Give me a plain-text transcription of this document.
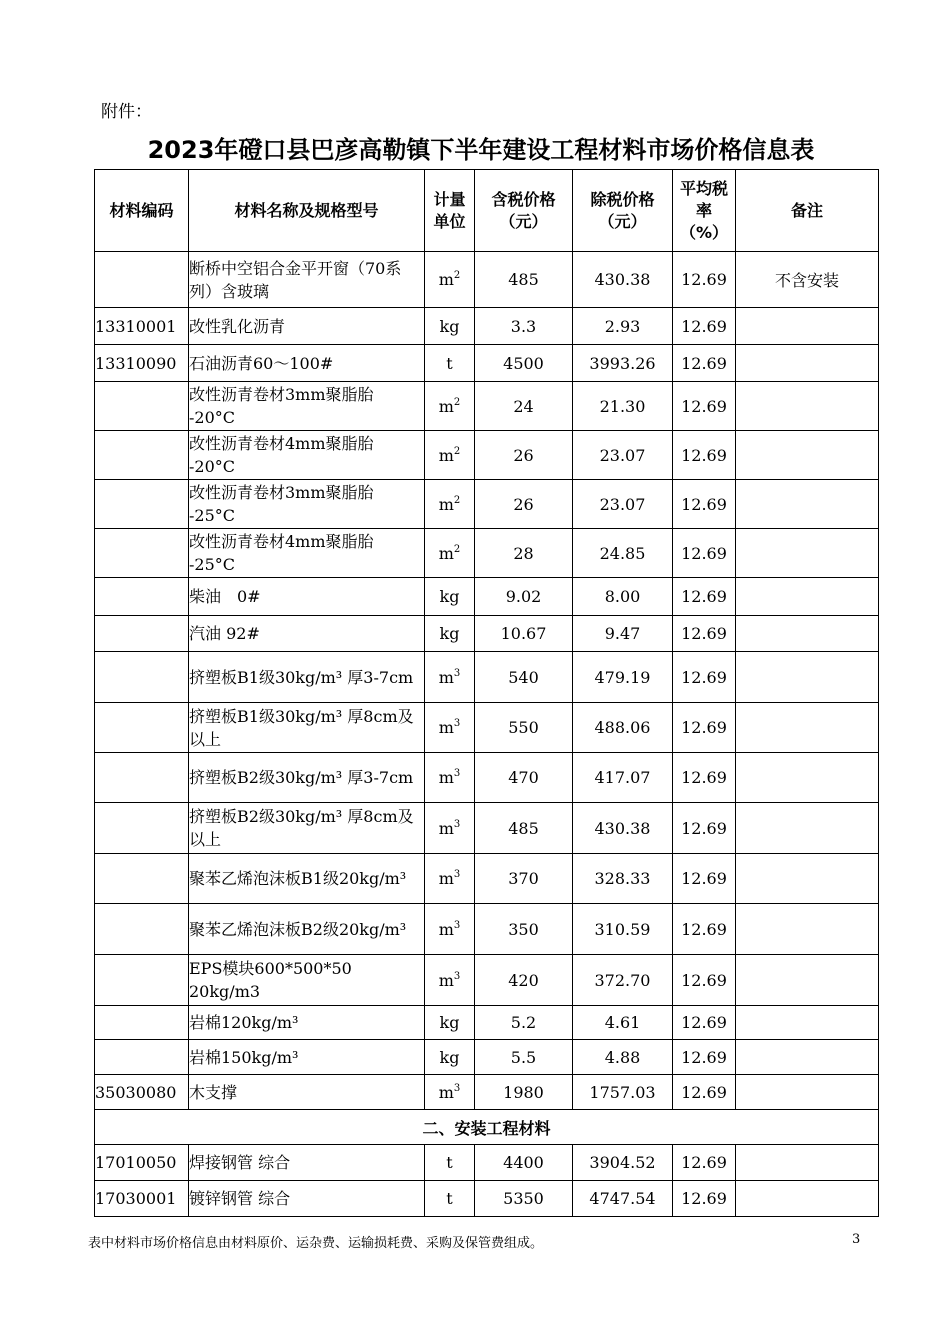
附件：
2023年磴口县巴彦高勒镇下半年建设工程材料市场价格信息表
材料编码	材料名称及规格型号	计量单位	含税价格（元）	除税价格（元）	平均税率（%）	备注
	断桥中空铝合金平开窗（70系列）含玻璃	$m^2$	485	430.38	12.69	不含安装
13310001	改性乳化沥青	kg	3.3	2.93	12.69	
13310090	石油沥青60～100#	t	4500	3993.26	12.69	
	改性沥青卷材3mm聚脂胎 -20°C	$m^2$	24	21.30	12.69	
	改性沥青卷材4mm聚脂胎 -20°C	$m^2$	26	23.07	12.69	
	改性沥青卷材3mm聚脂胎 -25°C	$m^2$	26	23.07	12.69	
	改性沥青卷材4mm聚脂胎 -25°C	$m^2$	28	24.85	12.69	
	柴油　0#	kg	9.02	8.00	12.69	
	汽油 92#	kg	10.67	9.47	12.69	
	挤塑板B1级30kg/m³ 厚3-7cm	$m^3$	540	479.19	12.69	
	挤塑板B1级30kg/m³ 厚8cm及以上	$m^3$	550	488.06	12.69	
	挤塑板B2级30kg/m³ 厚3-7cm	$m^3$	470	417.07	12.69	
	挤塑板B2级30kg/m³ 厚8cm及以上	$m^3$	485	430.38	12.69	
	聚苯乙烯泡沫板B1级20kg/m³	$m^3$	370	328.33	12.69	
	聚苯乙烯泡沫板B2级20kg/m³	$m^3$	350	310.59	12.69	
	EPS模块600*500*50 20kg/m3	$m^3$	420	372.70	12.69	
	岩棉120kg/m³	kg	5.2	4.61	12.69	
	岩棉150kg/m³	kg	5.5	4.88	12.69	
35030080	木支撑	$m^3$	1980	1757.03	12.69	
二、安装工程材料						
17010050	焊接钢管 综合	t	4400	3904.52	12.69	
17030001	镀锌钢管 综合	t	5350	4747.54	12.69	
表中材料市场价格信息由材料原价、运杂费、运输损耗费、采购及保管费组成。	3
